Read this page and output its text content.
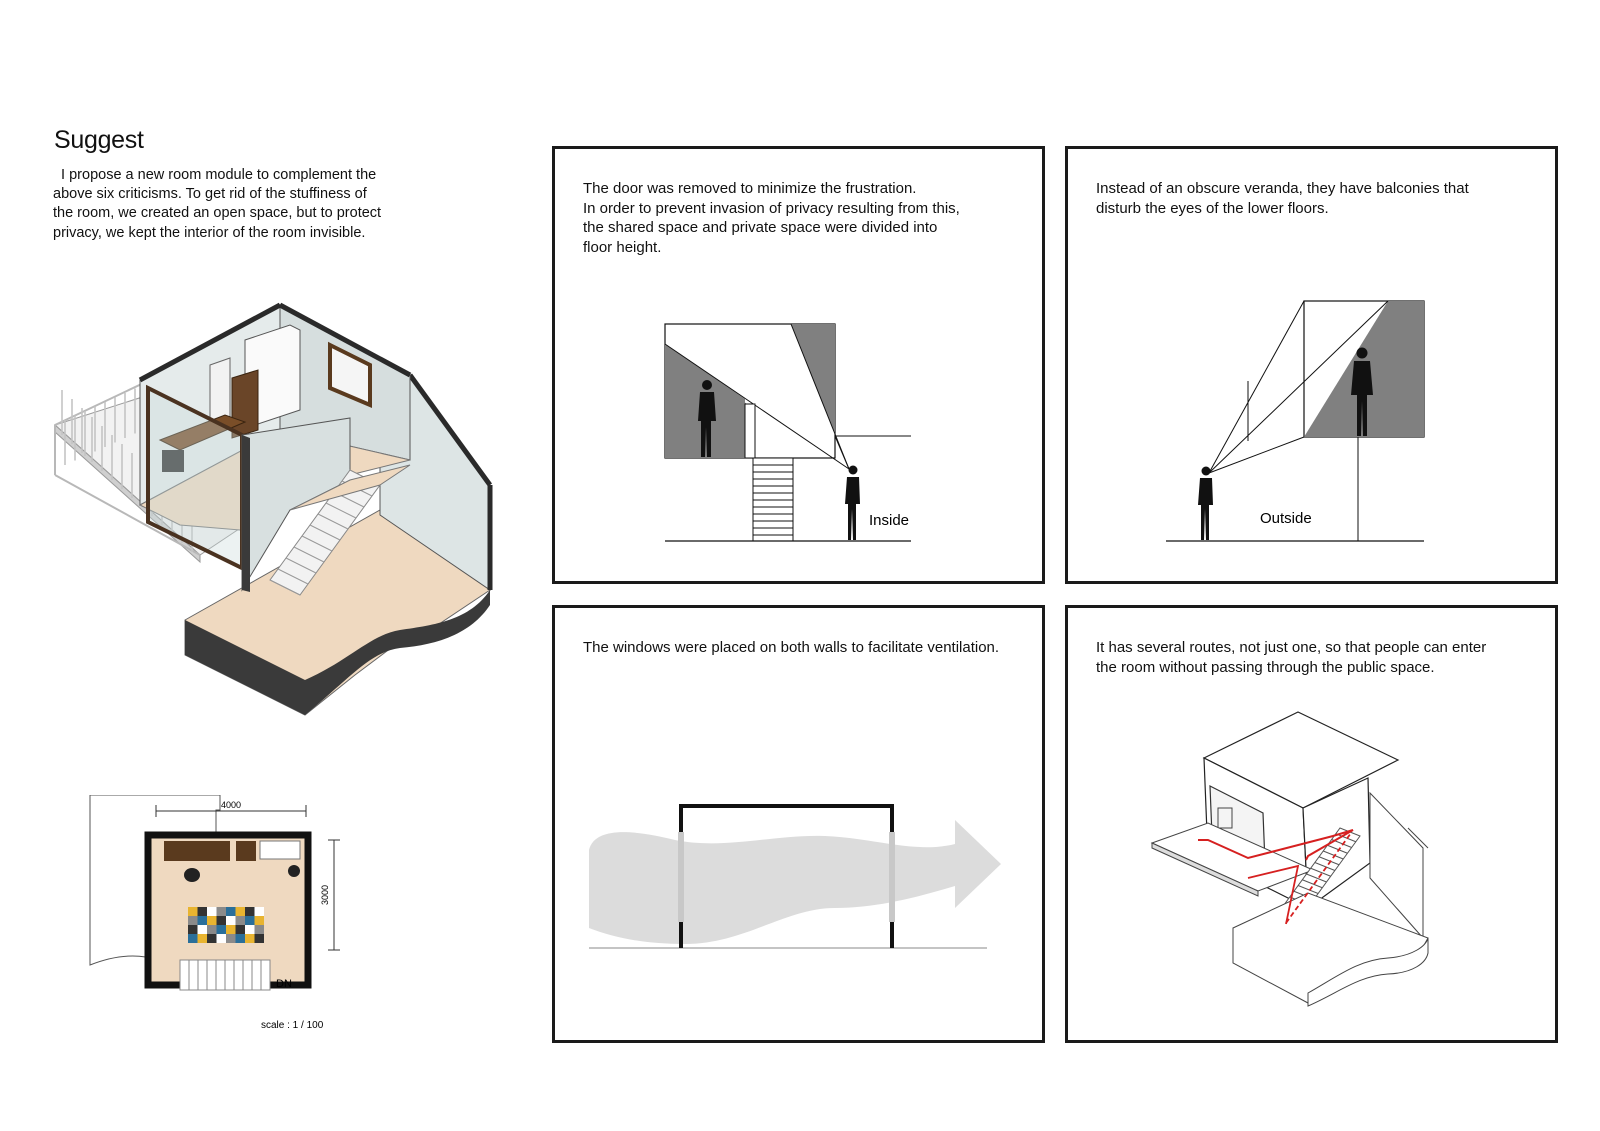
Suggest

I propose a new room module to complement the
above six criticisms. To get rid of the stuffiness of
the room, we created an open space, but to protect
privacy, we kept the interior of the room invisible.

4000
3000
DN
scale : 1 / 100

The door was removed to minimize the frustration.
In order to prevent invasion of privacy resulting from this,
the shared space and private space were divided into
floor height.

Inside

Instead of an obscure veranda, they have balconies that
disturb the eyes of the lower floors.

Outside

The windows were placed on both walls to facilitate ventilation.	It has several routes, not just one, so that people can enter
the room without passing through the public space.
